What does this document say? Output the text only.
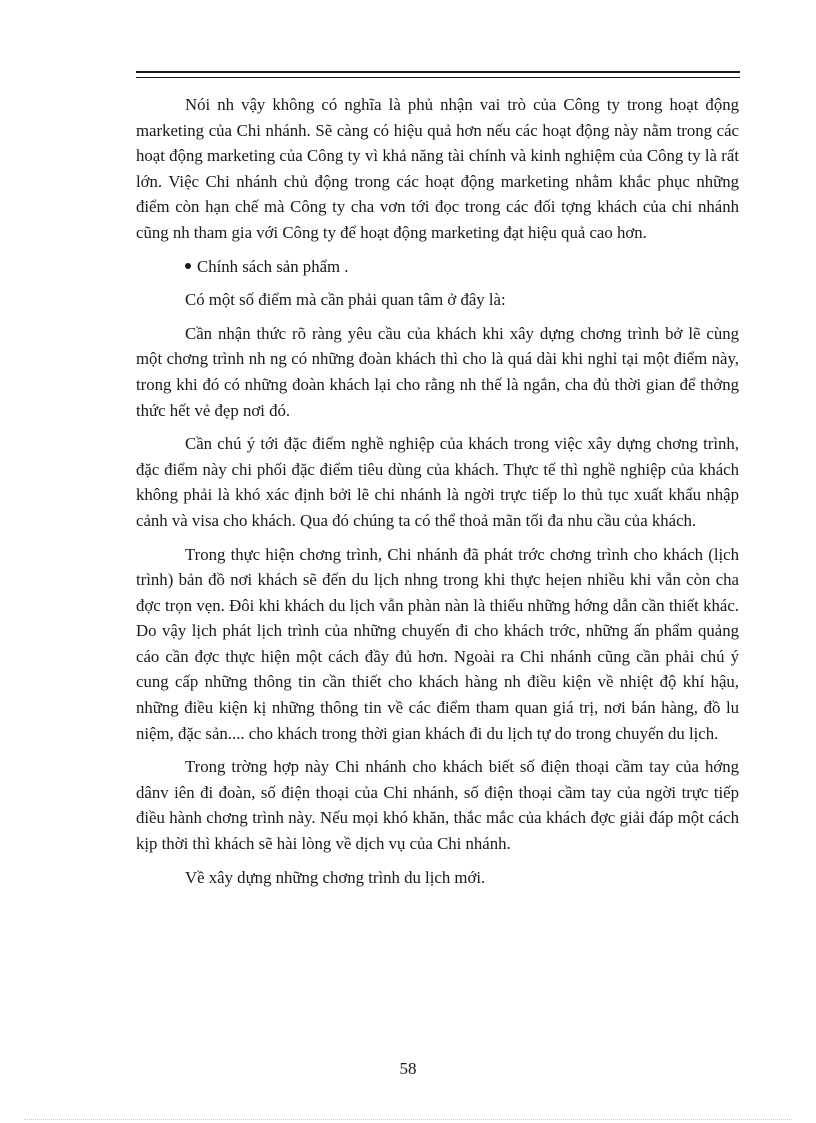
Nói nh vậy không có nghĩa là phủ nhận vai trò của Công ty trong hoạt động marketing của Chi nhánh. Sẽ càng có hiệu quả hơn nếu các hoạt động này nằm trong các hoạt động marketing của Công ty vì khả năng tài chính và kinh nghiệm của Công ty là rất lớn. Việc Chi nhánh chủ động trong các hoạt động marketing nhằm khắc phục những điểm còn hạn chế mà Công ty cha vơn tới đọc trong các đối tợng khách của chi nhánh cũng nh tham gia với Công ty để hoạt động marketing đạt hiệu quả cao hơn.

Chính sách sản phẩm .

Có một số điểm mà cần phải quan tâm ở đây là:

Cần nhận thức rõ ràng yêu cầu của khách khi xây dựng chơng trình bở lẽ cùng một chơng trình nh ng có những đoàn khách thì cho là quá dài khi nghỉ tại một điểm này, trong khi đó có những đoàn khách lại cho rằng nh thế là ngắn, cha đủ thời gian để thởng thức hết vẻ đẹp nơi đó.

Cần chú ý tới đặc điểm nghề nghiệp của khách trong việc xây dựng chơng trình, đặc điểm này chi phối đặc điểm tiêu dùng của khách. Thực tế thì nghề nghiệp của khách không phải là khó xác định bởi lẽ chi nhánh là ngời trực tiếp lo thủ tục xuất khẩu nhập cảnh và visa cho khách. Qua đó chúng ta có thể thoả mãn tối đa nhu cầu của khách.

Trong thực hiện chơng trình, Chi nhánh đã phát trớc chơng trình cho khách (lịch trình) bản đồ nơi khách sẽ đến du lịch nhng trong khi thực heịen nhiều khi vẫn còn cha đợc trọn vẹn. Đôi khi khách du lịch vẫn phàn nàn là thiếu những hớng dẫn cần thiết khác. Do vậy lịch phát lịch trình của những chuyến đi cho khách trớc, những ấn phẩm quảng cáo cần đợc thực hiện một cách đầy đủ hơn. Ngoài ra Chi nhánh cũng cần phải chú ý cung cấp những thông tin cần thiết cho khách hàng nh điều kiện về nhiệt độ khí hậu, những điều kiện kị những thông tin về các điểm tham quan giá trị, nơi bán hàng, đồ lu niệm, đặc sản.... cho khách trong thời gian khách đi du lịch tự do trong chuyến du lịch.

Trong trờng hợp này Chi nhánh cho khách biết số điện thoại cầm tay của hớng dânv iên đi đoàn, số điện thoại của Chi nhánh, số điện thoại cầm tay của ngời trực tiếp điều hành chơng trình này. Nếu mọi khó khăn, thắc mắc của khách đợc giải đáp một cách kịp thời thì khách sẽ hài lòng về dịch vụ của Chi nhánh.

Về xây dựng những chơng trình du lịch mới.

58
